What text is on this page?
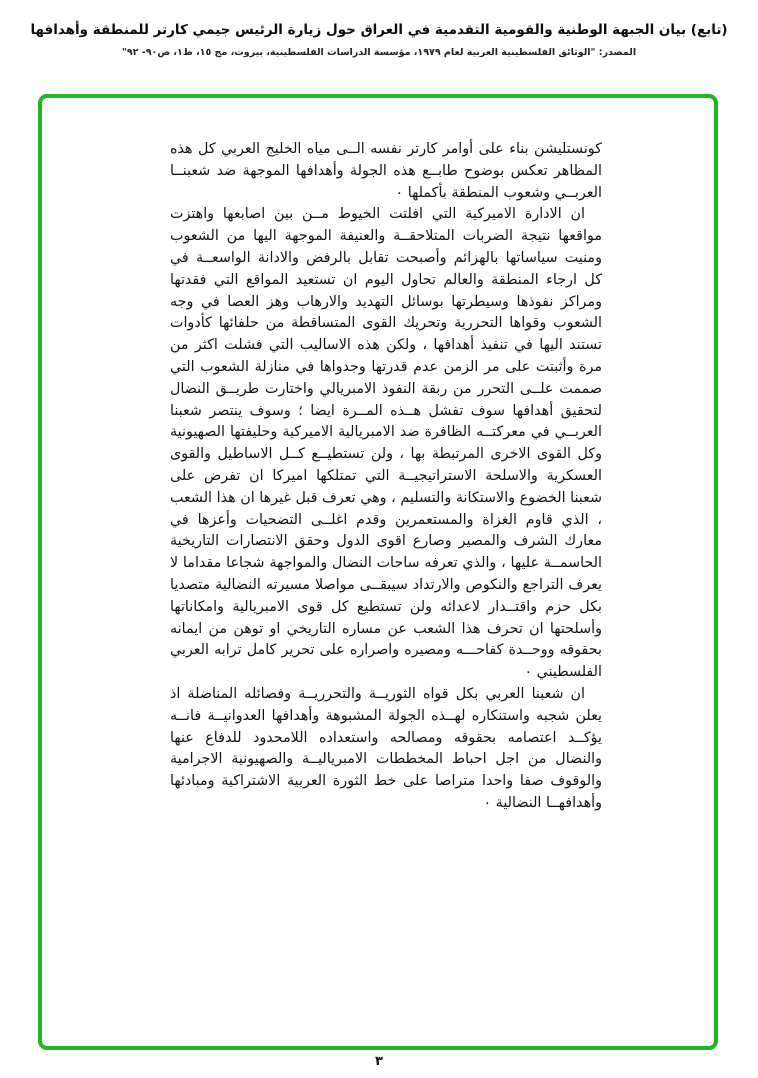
(تابع) بيان الجبهة الوطنية والقومية التقدمية في العراق حول زيارة الرئيس جيمي كارتر للمنطقة وأهدافها
المصدر: "الوثائق الفلسطينية العربية لعام ١٩٧٩، مؤسسة الدراسات الفلسطينية، بيروت، مج ١٥، ط١، ص٩٠- ٩٢"

كونستليشن بناء على أوامر كارتر نفسه الــى مياه الخليج العربي كل هذه المظاهر تعكس بوضوح طابــع هذه الجولة وأهدافها الموجهة ضد شعبنــا العربــي وشعوب المنطقة بأكملها ٠

ان الادارة الاميركية التي افلتت الخيوط مــن بين اصابعها واهتزت مواقعها نتيجة الضربات المتلاحقــة والعنيفة الموجهة اليها من الشعوب ومنيت سياساتها بالهزائم وأصبحت تقابل بالرفض والادانة الواسعــة في كل ارجاء المنطقة والعالم تحاول اليوم ان تستعيد المواقع التي فقدتها ومراكز نفوذها وسيطرتها بوسائل التهديد والارهاب وهز العصا في وجه الشعوب وقواها التحررية وتحريك القوى المتساقطة من حلفائها كأدوات تستند اليها في تنفيذ أهدافها ، ولكن هذه الاساليب التي فشلت اكثر من مرة وأثبتت على مر الزمن عدم قدرتها وجدواها في منازلة الشعوب التي صممت علــى التحرر من ربقة النفوذ الامبريالي واختارت طريــق النضال لتحقيق أهدافها سوف تفشل هــذه المــرة ايضا ؛ وسوف ينتصر شعبنا العربــي في معركتــه الظافرة ضد الامبريالية الاميركية وحليفتها الصهيونية وكل القوى الاخرى المرتبطة بها ، ولن تستطيــع كــل الاساطيل والقوى العسكرية والاسلحة الاستراتيجيــة التي تمتلكها اميركا ان تفرض على شعبنا الخضوع والاستكانة والتسليم ، وهي تعرف قبل غيرها ان هذا الشعب ، الذي قاوم الغزاة والمستعمرين وقدم اغلــى التضحيات وأعزها في معارك الشرف والمصير وصارع اقوى الدول وحقق الانتصارات التاريخية الحاسمــة عليها ، والذي تعرفه ساحات النضال والمواجهة شجاعا مقداما لا يعرف التراجع والنكوص والارتداد سيبقــى مواصلا مسيرته النضالية متصديا بكل حزم واقتــدار لاعدائه ولن تستطيع كل قوى الامبريالية وامكاناتها وأسلحتها ان تحرف هذا الشعب عن مساره التاريخي او توهن من ايمانه بحقوقه ووحــدة كفاحـــه ومصيره واصراره على تحرير كامل ترابه العربي الفلسطيني ٠

ان شعبنا العربي بكل قواه الثوريــة والتحرريــة وفصائله المناضلة اذ يعلن شجبه واستنكاره لهــذه الجولة المشبوهة وأهدافها العدوانيــة فانــه يؤكــد اعتصامه بحقوقه ومصالحه واستعداده اللامحدود للدفاع عنها والنضال من اجل احباط المخططات الامبرياليــة والصهيونية الاجرامية والوقوف صفا واحدا متراصا على خط الثورة العربية الاشتراكية ومبادئها وأهدافهــا النضالية ٠

٣
